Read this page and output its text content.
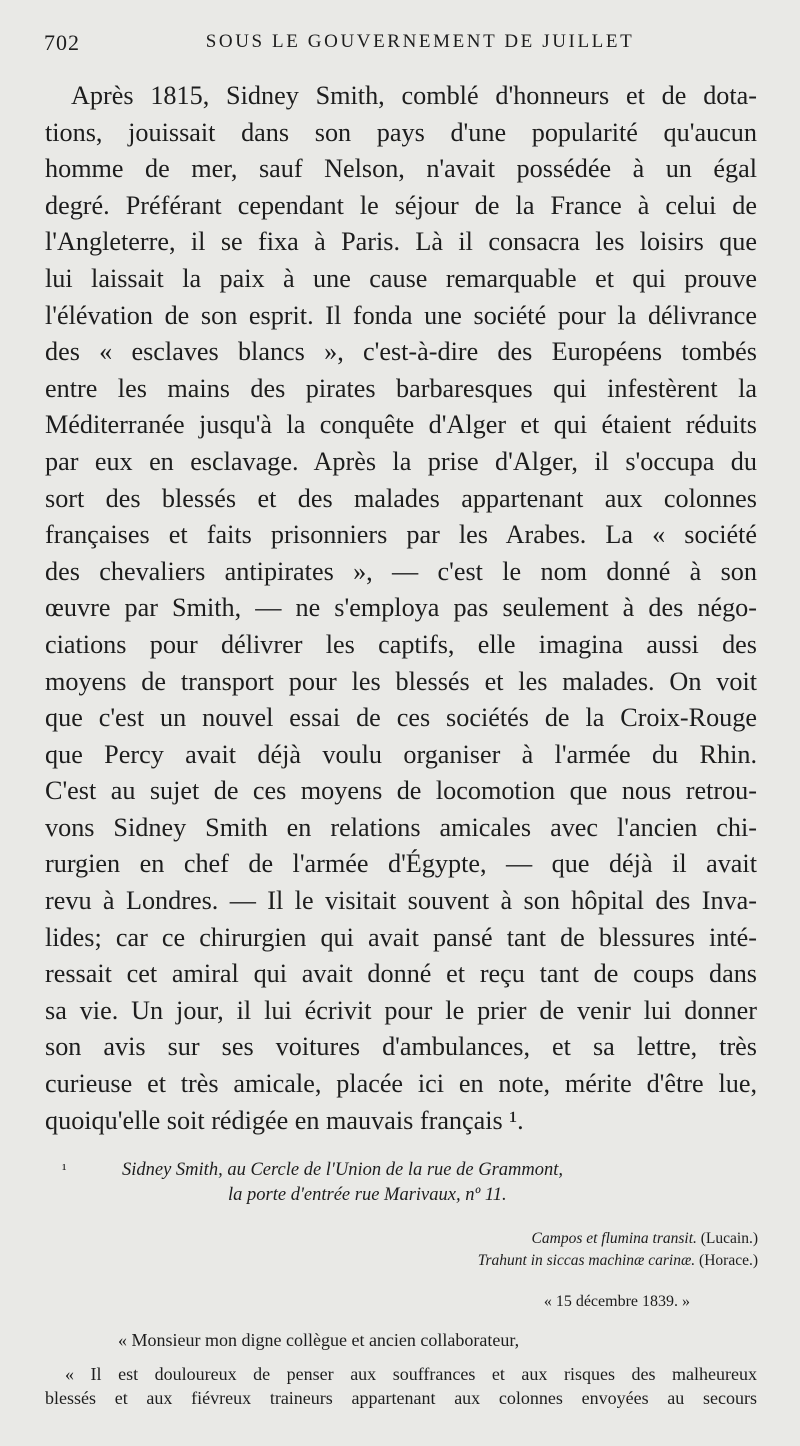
702	SOUS LE GOUVERNEMENT DE JUILLET
Après 1815, Sidney Smith, comblé d'honneurs et de dota-
tions, jouissait dans son pays d'une popularité qu'aucun
homme de mer, sauf Nelson, n'avait possédée à un égal
degré. Préférant cependant le séjour de la France à celui de
l'Angleterre, il se fixa à Paris. Là il consacra les loisirs que
lui laissait la paix à une cause remarquable et qui prouve
l'élévation de son esprit. Il fonda une société pour la délivrance
des « esclaves blancs », c'est-à-dire des Européens tombés
entre les mains des pirates barbaresques qui infestèrent la
Méditerranée jusqu'à la conquête d'Alger et qui étaient réduits
par eux en esclavage. Après la prise d'Alger, il s'occupa du
sort des blessés et des malades appartenant aux colonnes
françaises et faits prisonniers par les Arabes. La « société
des chevaliers antipirates », — c'est le nom donné à son
œuvre par Smith, — ne s'employa pas seulement à des négo-
ciations pour délivrer les captifs, elle imagina aussi des
moyens de transport pour les blessés et les malades. On voit
que c'est un nouvel essai de ces sociétés de la Croix-Rouge
que Percy avait déjà voulu organiser à l'armée du Rhin.
C'est au sujet de ces moyens de locomotion que nous retrou-
vons Sidney Smith en relations amicales avec l'ancien chi-
rurgien en chef de l'armée d'Égypte, — que déjà il avait
revu à Londres. — Il le visitait souvent à son hôpital des Inva-
lides; car ce chirurgien qui avait pansé tant de blessures inté-
ressait cet amiral qui avait donné et reçu tant de coups dans
sa vie. Un jour, il lui écrivit pour le prier de venir lui donner
son avis sur ses voitures d'ambulances, et sa lettre, très
curieuse et très amicale, placée ici en note, mérite d'être lue,
quoiqu'elle soit rédigée en mauvais français ¹.
¹	Sidney Smith, au Cercle de l'Union de la rue de Grammont,
la porte d'entrée rue Marivaux, nº 11.
Campos et flumina transit. (Lucain.)
Trahunt in siccas machinæ carinæ. (Horace.)
« 15 décembre 1839. »
« Monsieur mon digne collègue et ancien collaborateur,
« Il est douloureux de penser aux souffrances et aux risques des malheureux
blessés et aux fiévreux traineurs appartenant aux colonnes envoyées au secours
